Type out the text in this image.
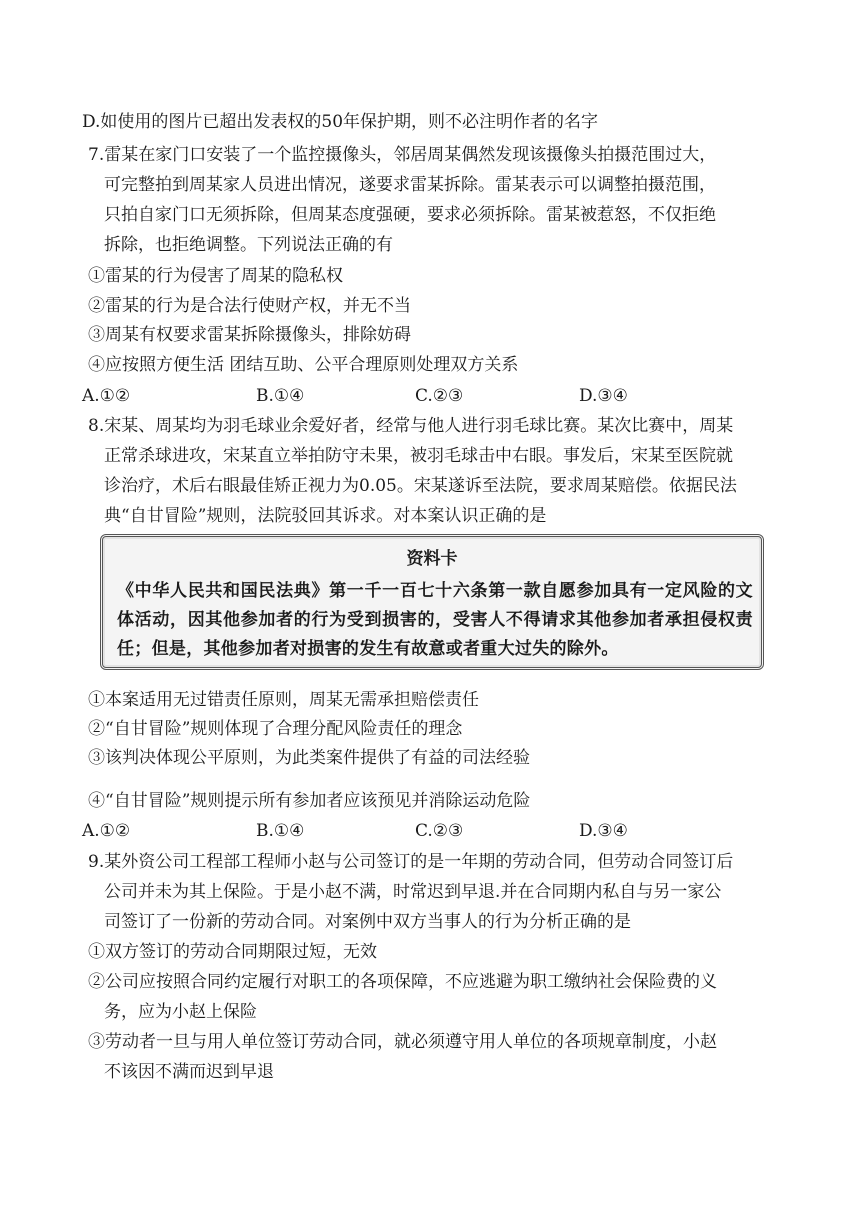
D.如使用的图片已超出发表权的50年保护期，则不必注明作者的名字
7.雷某在家门口安装了一个监控摄像头，邻居周某偶然发现该摄像头拍摄范围过大，
可完整拍到周某家人员进出情况，遂要求雷某拆除。雷某表示可以调整拍摄范围，
只拍自家门口无须拆除，但周某态度强硬，要求必须拆除。雷某被惹怒，不仅拒绝
拆除，也拒绝调整。下列说法正确的有
①雷某的行为侵害了周某的隐私权
②雷某的行为是合法行使财产权，并无不当
③周某有权要求雷某拆除摄像头，排除妨碍
④应按照方便生活 团结互助、公平合理原则处理双方关系
A.①②	B.①④	C.②③	D.③④
8.宋某、周某均为羽毛球业余爱好者，经常与他人进行羽毛球比赛。某次比赛中，周某
正常杀球进攻，宋某直立举拍防守未果，被羽毛球击中右眼。事发后，宋某至医院就
诊治疗，术后右眼最佳矫正视力为0.05。宋某遂诉至法院，要求周某赔偿。依据民法
典“自甘冒险”规则，法院驳回其诉求。对本案认识正确的是
资料卡
《中华人民共和国民法典》第一千一百七十六条第一款自愿参加具有一定风险的文体活动，因其他参加者的行为受到损害的，受害人不得请求其他参加者承担侵权责任；但是，其他参加者对损害的发生有故意或者重大过失的除外。
①本案适用无过错责任原则，周某无需承担赔偿责任
②“自甘冒险”规则体现了合理分配风险责任的理念
③该判决体现公平原则，为此类案件提供了有益的司法经验
④“自甘冒险”规则提示所有参加者应该预见并消除运动危险
A.①②	B.①④	C.②③	D.③④
9.某外资公司工程部工程师小赵与公司签订的是一年期的劳动合同，但劳动合同签订后
公司并未为其上保险。于是小赵不满，时常迟到早退.并在合同期内私自与另一家公
司签订了一份新的劳动合同。对案例中双方当事人的行为分析正确的是
①双方签订的劳动合同期限过短，无效
②公司应按照合同约定履行对职工的各项保障，不应逃避为职工缴纳社会保险费的义
务，应为小赵上保险
③劳动者一旦与用人单位签订劳动合同，就必须遵守用人单位的各项规章制度，小赵
不该因不满而迟到早退
